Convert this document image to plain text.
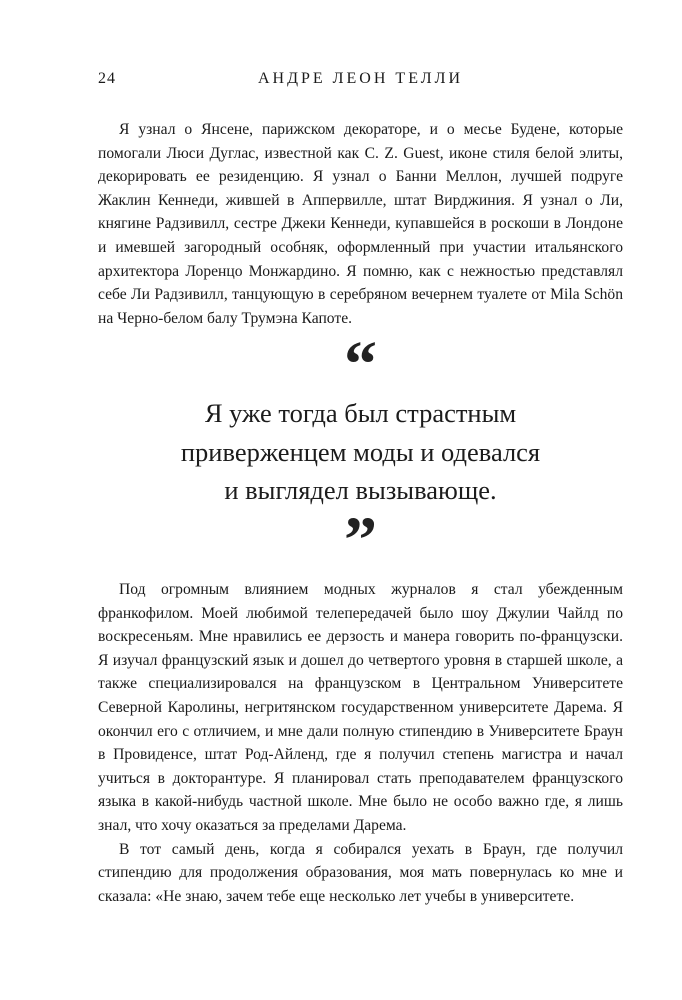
24	АНДРЕ ЛЕОН ТЕЛЛИ

Я узнал о Янсене, парижском декораторе, и о месье Будене, которые помогали Люси Дуглас, известной как C. Z. Guest, иконе стиля белой элиты, декорировать ее резиденцию. Я узнал о Банни Меллон, лучшей подруге Жаклин Кеннеди, жившей в Аппервилле, штат Вирджиния. Я узнал о Ли, княгине Радзивилл, сестре Джеки Кеннеди, купавшейся в роскоши в Лондоне и имевшей загородный особняк, оформленный при участии итальянского архитектора Лоренцо Монжардино. Я помню, как с нежностью представлял себе Ли Радзивилл, танцующую в серебряном вечернем туалете от Mila Schön на Черно-белом балу Трумэна Капоте.

“
Я уже тогда был страстным
приверженцем моды и одевался
и выглядел вызывающе.
”

Под огромным влиянием модных журналов я стал убежденным франкофилом. Моей любимой телепередачей было шоу Джулии Чайлд по воскресеньям. Мне нравились ее дерзость и манера говорить по-французски. Я изучал французский язык и дошел до четвертого уровня в старшей школе, а также специализировался на французском в Центральном Университете Северной Каролины, негритянском государственном университете Дарема. Я окончил его с отличием, и мне дали полную стипендию в Университете Браун в Провиденсе, штат Род-Айленд, где я получил степень магистра и начал учиться в докторантуре. Я планировал стать преподавателем французского языка в какой-нибудь частной школе. Мне было не особо важно где, я лишь знал, что хочу оказаться за пределами Дарема.

В тот самый день, когда я собирался уехать в Браун, где получил стипендию для продолжения образования, моя мать повернулась ко мне и сказала: «Не знаю, зачем тебе еще несколько лет учебы в университете.
